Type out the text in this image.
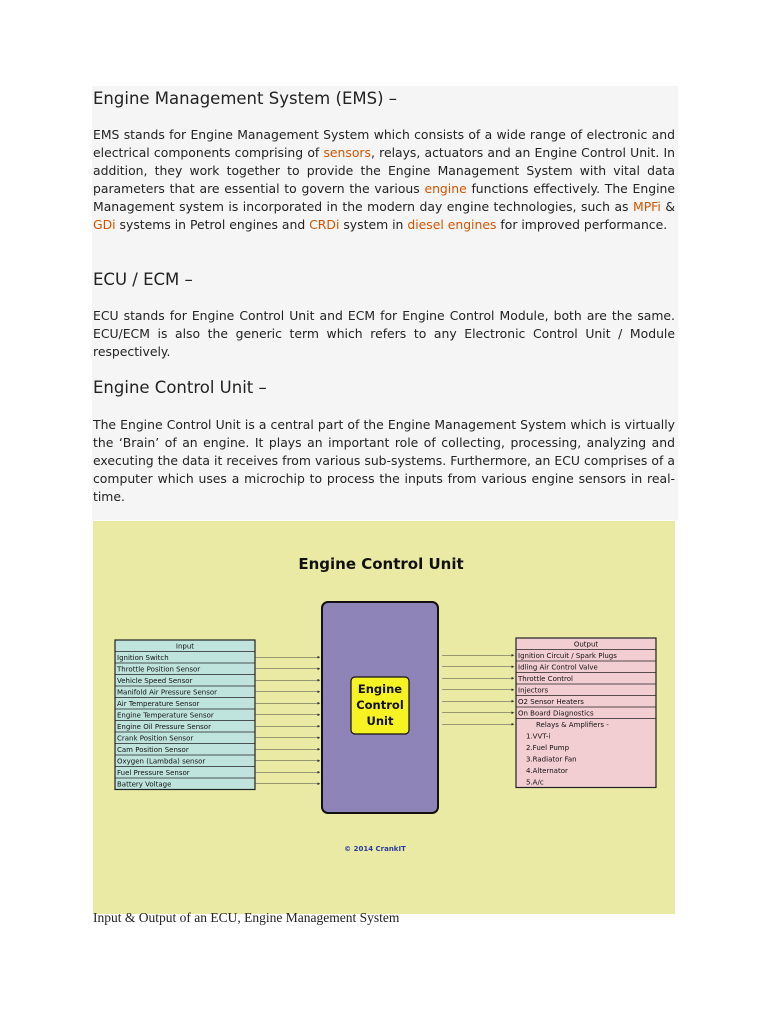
Engine Management System (EMS) –

EMS stands for Engine Management System which consists of a wide range of electronic and electrical components comprising of sensors, relays, actuators and an Engine Control Unit. In addition, they work together to provide the Engine Management System with vital data parameters that are essential to govern the various engine functions effectively. The Engine Management system is incorporated in the modern day engine technologies, such as MPFi & GDi systems in Petrol engines and CRDi system in diesel engines for improved performance.

ECU / ECM –

ECU stands for Engine Control Unit and ECM for Engine Control Module, both are the same. ECU/ECM is also the generic term which refers to any Electronic Control Unit / Module respectively.

Engine Control Unit –

The Engine Control Unit is a central part of the Engine Management System which is virtually the ‘Brain’ of an engine. It plays an important role of collecting, processing, analyzing and executing the data it receives from various sub-systems. Furthermore, an ECU comprises of a computer which uses a microchip to process the inputs from various engine sensors in real-time.

Engine Control Unit
Input
Ignition Switch
Throttle Position Sensor
Vehicle Speed Sensor
Manifold Air Pressure Sensor
Air Temperature Sensor
Engine Temperature Sensor
Engine Oil Pressure Sensor
Crank Position Sensor
Cam Position Sensor
Oxygen (Lambda) sensor
Fuel Pressure Sensor
Battery Voltage
Output
Ignition Circuit / Spark Plugs
Idling Air Control Valve
Throttle Control
Injectors
O2 Sensor Heaters
On Board Diagnostics
Relays & Amplifiers -
1.VVT-i
2.Fuel Pump
3.Radiator Fan
4.Alternator
5.A/c
Engine
Control
Unit
© 2014 CrankIT
Input & Output of an ECU, Engine Management System
